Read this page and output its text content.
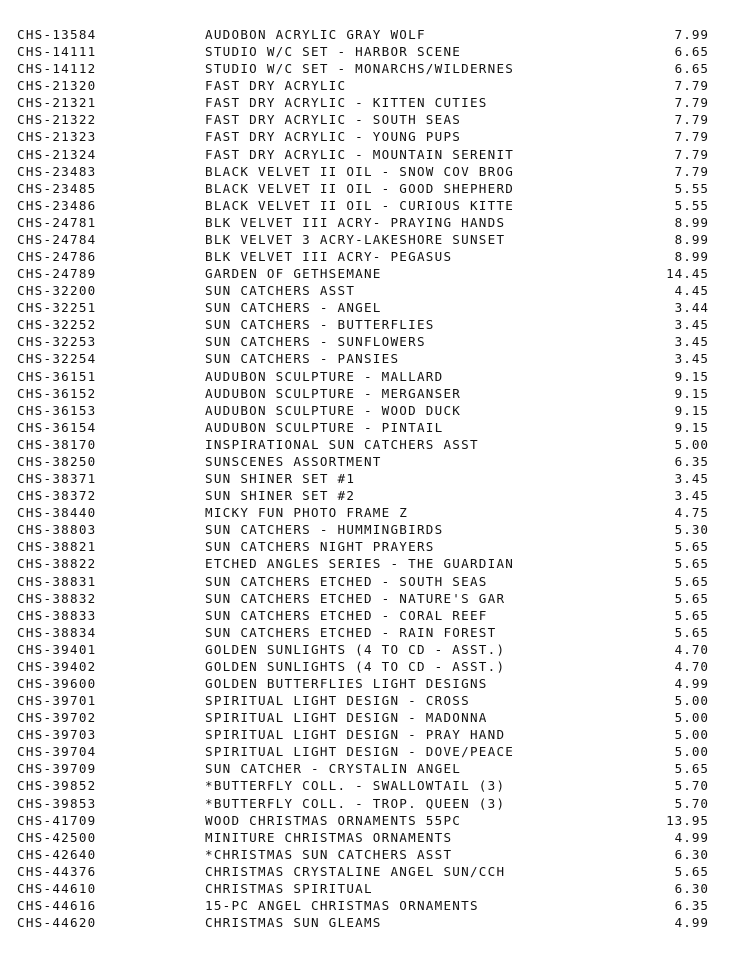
CHS-13584	AUDOBON ACRYLIC GRAY WOLF	7.99
CHS-14111	STUDIO W/C SET - HARBOR SCENE	6.65
CHS-14112	STUDIO W/C SET - MONARCHS/WILDERNES	6.65
CHS-21320	FAST DRY ACRYLIC	7.79
CHS-21321	FAST DRY ACRYLIC - KITTEN CUTIES	7.79
CHS-21322	FAST DRY ACRYLIC - SOUTH SEAS	7.79
CHS-21323	FAST DRY ACRYLIC - YOUNG PUPS	7.79
CHS-21324	FAST DRY ACRYLIC - MOUNTAIN SERENIT	7.79
CHS-23483	BLACK VELVET II OIL - SNOW COV BROG	7.79
CHS-23485	BLACK VELVET II OIL - GOOD SHEPHERD	5.55
CHS-23486	BLACK VELVET II OIL - CURIOUS KITTE	5.55
CHS-24781	BLK VELVET III ACRY- PRAYING HANDS	8.99
CHS-24784	BLK VELVET 3 ACRY-LAKESHORE SUNSET	8.99
CHS-24786	BLK VELVET III ACRY- PEGASUS	8.99
CHS-24789	GARDEN OF GETHSEMANE	14.45
CHS-32200	SUN CATCHERS ASST	4.45
CHS-32251	SUN CATCHERS - ANGEL	3.44
CHS-32252	SUN CATCHERS - BUTTERFLIES	3.45
CHS-32253	SUN CATCHERS - SUNFLOWERS	3.45
CHS-32254	SUN CATCHERS - PANSIES	3.45
CHS-36151	AUDUBON SCULPTURE - MALLARD	9.15
CHS-36152	AUDUBON SCULPTURE - MERGANSER	9.15
CHS-36153	AUDUBON SCULPTURE - WOOD DUCK	9.15
CHS-36154	AUDUBON SCULPTURE - PINTAIL	9.15
CHS-38170	INSPIRATIONAL SUN CATCHERS ASST	5.00
CHS-38250	SUNSCENES ASSORTMENT	6.35
CHS-38371	SUN SHINER SET #1	3.45
CHS-38372	SUN SHINER SET #2	3.45
CHS-38440	MICKY FUN PHOTO FRAME Z	4.75
CHS-38803	SUN CATCHERS - HUMMINGBIRDS	5.30
CHS-38821	SUN CATCHERS NIGHT PRAYERS	5.65
CHS-38822	ETCHED ANGLES SERIES - THE GUARDIAN	5.65
CHS-38831	SUN CATCHERS ETCHED - SOUTH SEAS	5.65
CHS-38832	SUN CATCHERS ETCHED - NATURE'S GAR	5.65
CHS-38833	SUN CATCHERS ETCHED - CORAL REEF	5.65
CHS-38834	SUN CATCHERS ETCHED - RAIN FOREST	5.65
CHS-39401	GOLDEN SUNLIGHTS (4 TO CD - ASST.)	4.70
CHS-39402	GOLDEN SUNLIGHTS (4 TO CD - ASST.)	4.70
CHS-39600	GOLDEN BUTTERFLIES LIGHT DESIGNS	4.99
CHS-39701	SPIRITUAL LIGHT DESIGN - CROSS	5.00
CHS-39702	SPIRITUAL LIGHT DESIGN - MADONNA	5.00
CHS-39703	SPIRITUAL LIGHT DESIGN - PRAY HAND	5.00
CHS-39704	SPIRITUAL LIGHT DESIGN - DOVE/PEACE	5.00
CHS-39709	SUN CATCHER - CRYSTALIN ANGEL	5.65
CHS-39852	*BUTTERFLY COLL. - SWALLOWTAIL (3)	5.70
CHS-39853	*BUTTERFLY COLL. - TROP. QUEEN (3)	5.70
CHS-41709	WOOD CHRISTMAS ORNAMENTS 55PC	13.95
CHS-42500	MINITURE CHRISTMAS ORNAMENTS	4.99
CHS-42640	*CHRISTMAS SUN CATCHERS ASST	6.30
CHS-44376	CHRISTMAS CRYSTALINE ANGEL SUN/CCH	5.65
CHS-44610	CHRISTMAS SPIRITUAL	6.30
CHS-44616	15-PC ANGEL CHRISTMAS ORNAMENTS	6.35
CHS-44620	CHRISTMAS SUN GLEAMS	4.99
